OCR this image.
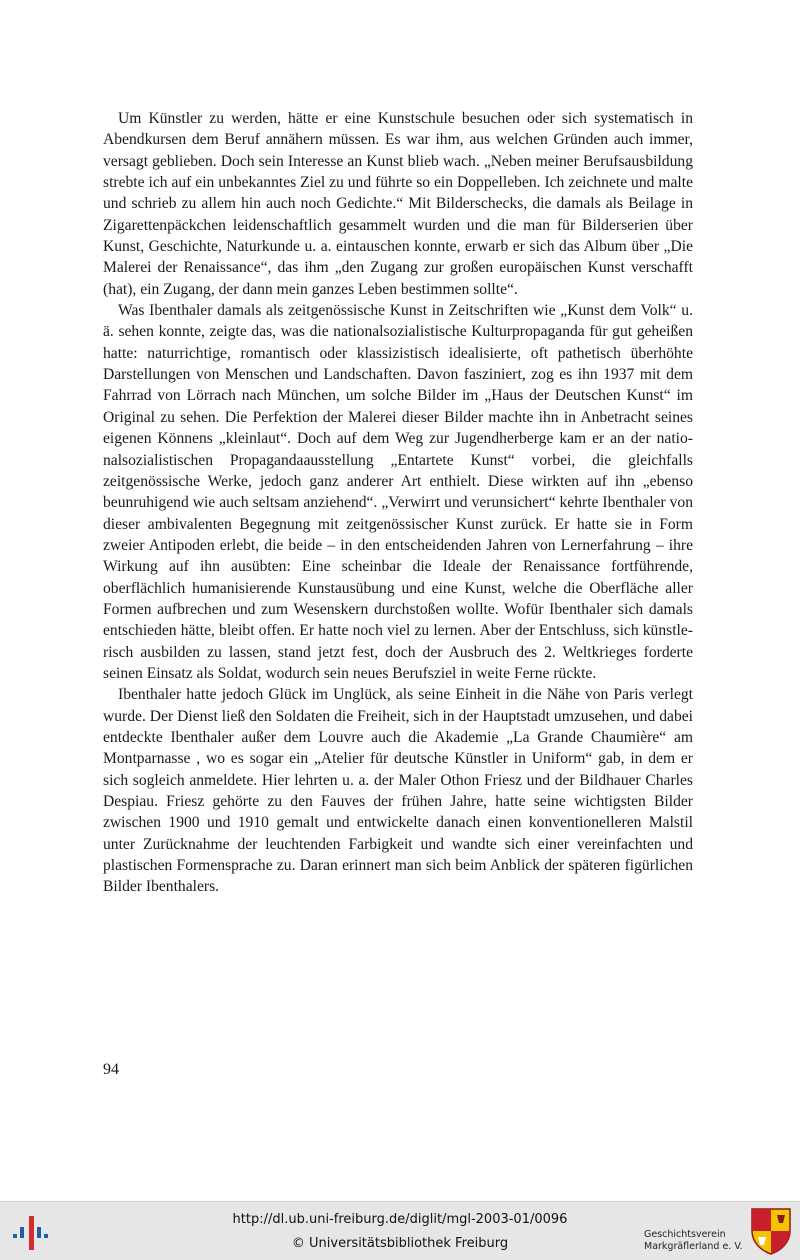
Um Künstler zu werden, hätte er eine Kunstschule besuchen oder sich systematisch in Abendkursen dem Beruf annähern müssen. Es war ihm, aus welchen Gründen auch immer, versagt geblieben. Doch sein Interesse an Kunst blieb wach. „Neben meiner Berufsausbildung strebte ich auf ein unbekanntes Ziel zu und führte so ein Doppelleben. Ich zeichnete und malte und schrieb zu allem hin auch noch Gedichte.“ Mit Bilderschecks, die damals als Beilage in Zigarettenpäckchen leidenschaftlich gesammelt wurden und die man für Bilderserien über Kunst, Geschichte, Naturkunde u. a. eintauschen konnte, erwarb er sich das Album über „Die Malerei der Renaissance“, das ihm „den Zugang zur großen europäischen Kunst verschafft (hat), ein Zugang, der dann mein ganzes Leben bestimmen sollte“.

Was Ibenthaler damals als zeitgenössische Kunst in Zeitschriften wie „Kunst dem Volk“ u. ä. sehen konnte, zeigte das, was die nationalsozialistische Kulturpropaganda für gut geheißen hatte: naturrichtige, romantisch oder klassizistisch idealisierte, oft pathetisch überhöhte Darstellungen von Menschen und Landschaften. Davon fasziniert, zog es ihn 1937 mit dem Fahrrad von Lörrach nach München, um solche Bilder im „Haus der Deutschen Kunst“ im Original zu sehen. Die Perfektion der Malerei dieser Bilder machte ihn in Anbetracht seines eigenen Könnens „kleinlaut“. Doch auf dem Weg zur Jugendherberge kam er an der nationalsozialistischen Propagandaausstellung „Entartete Kunst“ vorbei, die gleichfalls zeitgenössische Werke, jedoch ganz anderer Art enthielt. Diese wirkten auf ihn „ebenso beunruhigend wie auch seltsam anziehend“. „Verwirrt und verunsichert“ kehrte Ibenthaler von dieser ambivalenten Begegnung mit zeitgenössischer Kunst zurück. Er hatte sie in Form zweier Antipoden erlebt, die beide – in den entscheidenden Jahren von Lernerfahrung – ihre Wirkung auf ihn ausübten: Eine scheinbar die Ideale der Renaissance fortführende, oberflächlich humanisierende Kunstausübung und eine Kunst, welche die Oberfläche aller Formen aufbrechen und zum Wesenskern durchstoßen wollte. Wofür Ibenthaler sich damals entschieden hätte, bleibt offen. Er hatte noch viel zu lernen. Aber der Entschluss, sich künstlerisch ausbilden zu lassen, stand jetzt fest, doch der Ausbruch des 2. Weltkrieges forderte seinen Einsatz als Soldat, wodurch sein neues Berufsziel in weite Ferne rückte.

Ibenthaler hatte jedoch Glück im Unglück, als seine Einheit in die Nähe von Paris verlegt wurde. Der Dienst ließ den Soldaten die Freiheit, sich in der Hauptstadt umzusehen, und dabei entdeckte Ibenthaler außer dem Louvre auch die Akademie „La Grande Chaumière“ am Montparnasse , wo es sogar ein „Atelier für deutsche Künstler in Uniform“ gab, in dem er sich sogleich anmeldete. Hier lehrten u. a. der Maler Othon Friesz und der Bildhauer Charles Despiau. Friesz gehörte zu den Fauves der frühen Jahre, hatte seine wichtigsten Bilder zwischen 1900 und 1910 gemalt und entwickelte danach einen konventionelleren Malstil unter Zurücknahme der leuchtenden Farbigkeit und wandte sich einer vereinfachten und plastischen Formensprache zu. Daran erinnert man sich beim Anblick der späteren figürlichen Bilder Ibenthalers.

94
http://dl.ub.uni-freiburg.de/diglit/mgl-2003-01/0096
© Universitätsbibliothek Freiburg
Geschichtsverein
Markgräflerland e. V.
